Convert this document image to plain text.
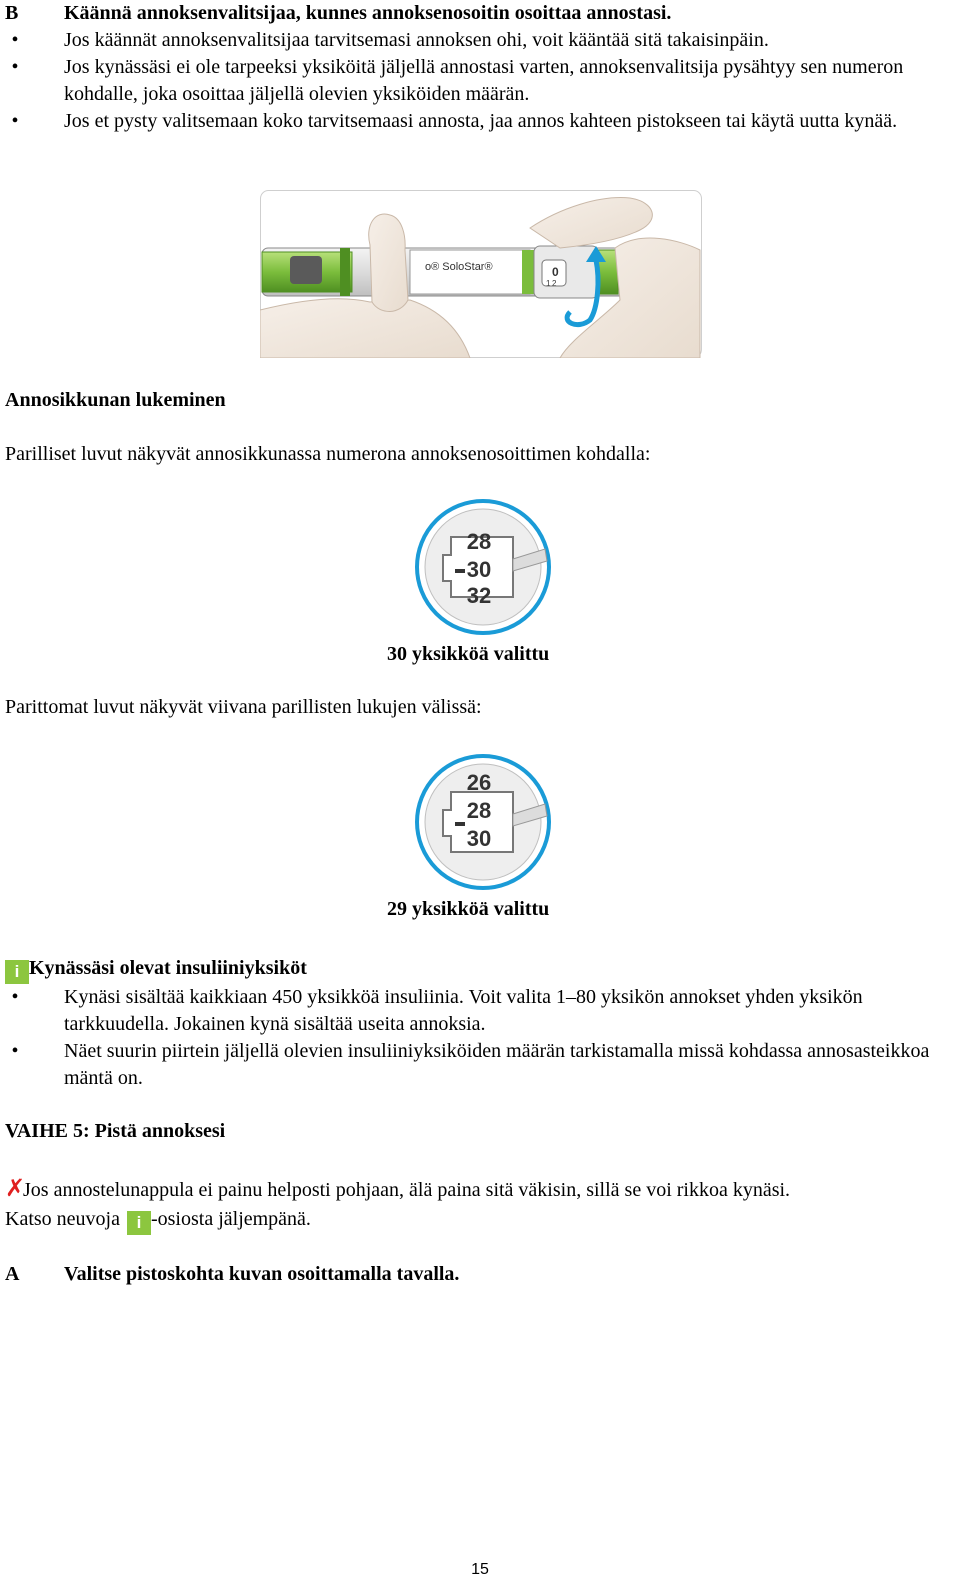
B Käännä annoksenvalitsijaa, kunnes annoksenosoitin osoittaa annostasi.
•	Jos käännät annoksenvalitsijaa tarvitsemasi annoksen ohi, voit kääntää sitä takaisinpäin.
•	Jos kynässäsi ei ole tarpeeksi yksiköitä jäljellä annostasi varten, annoksenvalitsija pysähtyy sen numeron kohdalle, joka osoittaa jäljellä olevien yksiköiden määrän.
•	Jos et pysty valitsemaan koko tarvitsemaasi annosta, jaa annos kahteen pistokseen tai käytä uutta kynää.
o® SoloStar®	0
1 2
Annosikkunan lukeminen
Parilliset luvut näkyvät annosikkunassa numerona annoksenosoittimen kohdalla:
28
30
32
30 yksikköä valittu
Parittomat luvut näkyvät viivana parillisten lukujen välissä:
26
28
30
29 yksikköä valittu
i Kynässäsi olevat insuliiniyksiköt
•	Kynäsi sisältää kaikkiaan 450 yksikköä insuliinia. Voit valita 1–80 yksikön annokset yhden yksikön tarkkuudella. Jokainen kynä sisältää useita annoksia.
•	Näet suurin piirtein jäljellä olevien insuliiniyksiköiden määrän tarkistamalla missä kohdassa annosasteikkoa mäntä on.
VAIHE 5: Pistä annoksesi
✗Jos annostelunappula ei painu helposti pohjaan, älä paina sitä väkisin, sillä se voi rikkoa kynäsi.
Katso neuvoja i -osiosta jäljempänä.
A Valitse pistoskohta kuvan osoittamalla tavalla.
15
